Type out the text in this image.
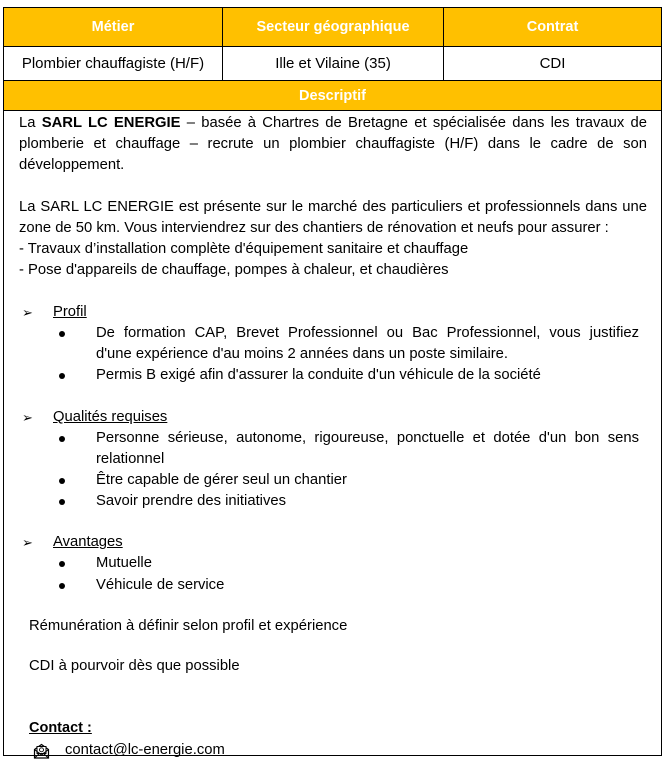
Métier	Secteur géographique	Contrat
Plombier chauffagiste (H/F)	Ille et Vilaine (35)	CDI
Descriptif
La SARL LC ENERGIE – basée à Chartres de Bretagne et spécialisée dans les travaux de
plomberie et chauffage – recrute un plombier chauffagiste (H/F) dans le cadre de son
développement.
La SARL LC ENERGIE est présente sur le marché des particuliers et professionnels dans une
zone de 50 km. Vous interviendrez sur des chantiers de rénovation et neufs pour assurer :
- Travaux d’installation complète d'équipement sanitaire et chauffage
- Pose d'appareils de chauffage, pompes à chaleur, et chaudières
➢ Profil
De formation CAP, Brevet Professionnel ou Bac Professionnel, vous justifiez
d'une expérience d'au moins 2 années dans un poste similaire.
Permis B exigé afin d'assurer la conduite d'un véhicule de la société
➢ Qualités requises
Personne sérieuse, autonome, rigoureuse, ponctuelle et dotée d'un bon sens
relationnel
Être capable de gérer seul un chantier
Savoir prendre des initiatives
➢ Avantages
Mutuelle
Véhicule de service
Rémunération à définir selon profil et expérience
CDI à pourvoir dès que possible
Contact :
contact@lc-energie.com
